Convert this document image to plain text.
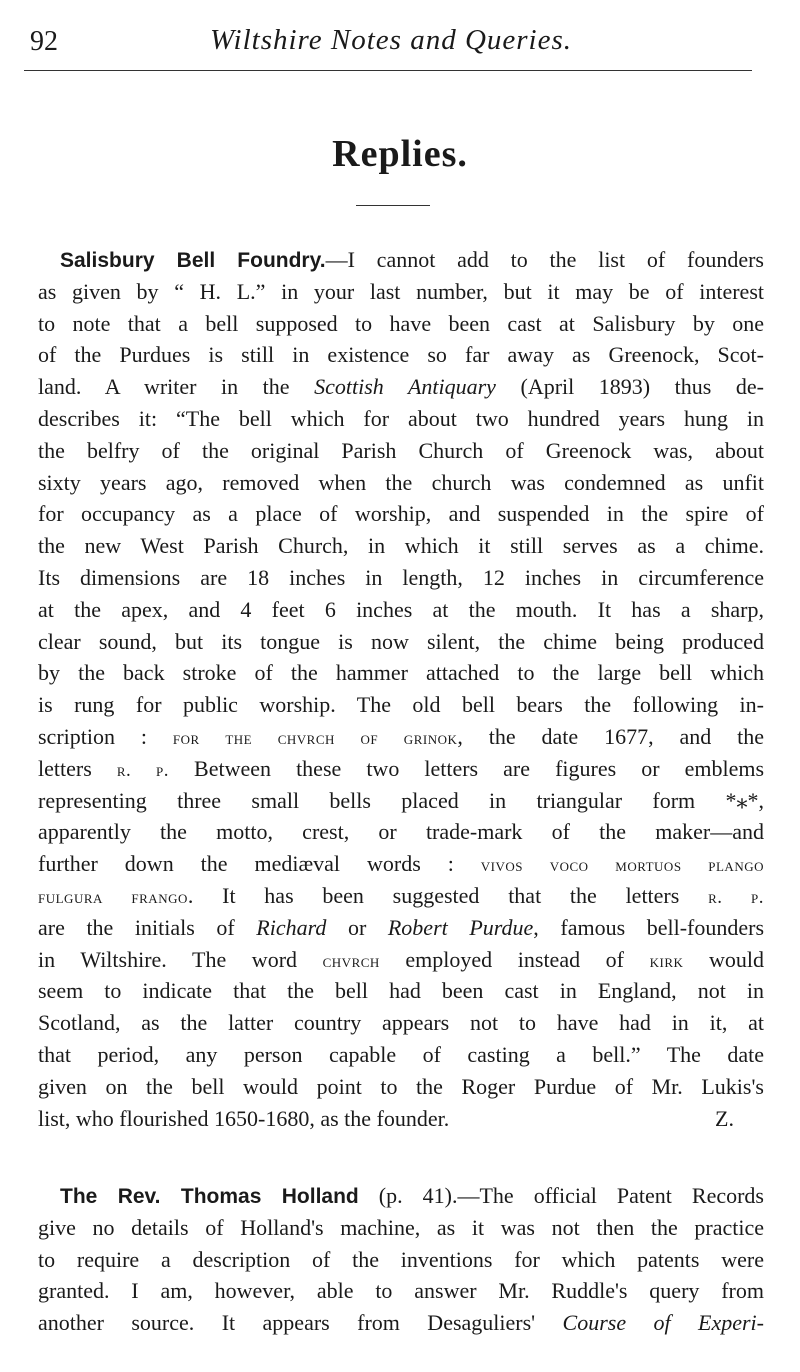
92	Wiltshire Notes and Queries.
Replies.
 Salisbury Bell Foundry.—I cannot add to the list of founders
as given by “ H. L.” in your last number, but it may be of interest
to note that a bell supposed to have been cast at Salisbury by one
of the Purdues is still in existence so far away as Greenock, Scot-
land. A writer in the Scottish Antiquary (April 1893) thus de-
describes it: “The bell which for about two hundred years hung in
the belfry of the original Parish Church of Greenock was, about
sixty years ago, removed when the church was condemned as unfit
for occupancy as a place of worship, and suspended in the spire of
the new West Parish Church, in which it still serves as a chime.
Its dimensions are 18 inches in length, 12 inches in circumference
at the apex, and 4 feet 6 inches at the mouth. It has a sharp,
clear sound, but its tongue is now silent, the chime being produced
by the back stroke of the hammer attached to the large bell which
is rung for public worship. The old bell bears the following in-
scription : for the chvrch of grinok, the date 1677, and the
letters r. p. Between these two letters are figures or emblems
representing three small bells placed in triangular form *⁎*,
apparently the motto, crest, or trade-mark of the maker—and
further down the mediæval words : vivos voco mortuos plango
fulgura frango. It has been suggested that the letters r. p.
are the initials of Richard or Robert Purdue, famous bell-founders
in Wiltshire. The word chvrch employed instead of kirk would
seem to indicate that the bell had been cast in England, not in
Scotland, as the latter country appears not to have had in it, at
that period, any person capable of casting a bell.” The date
given on the bell would point to the Roger Purdue of Mr. Lukis's
list, who flourished 1650-1680, as the founder.	Z.
 The Rev. Thomas Holland (p. 41).—The official Patent Records
give no details of Holland's machine, as it was not then the practice
to require a description of the inventions for which patents were
granted. I am, however, able to answer Mr. Ruddle's query from
another source. It appears from Desaguliers' Course of Experi-
